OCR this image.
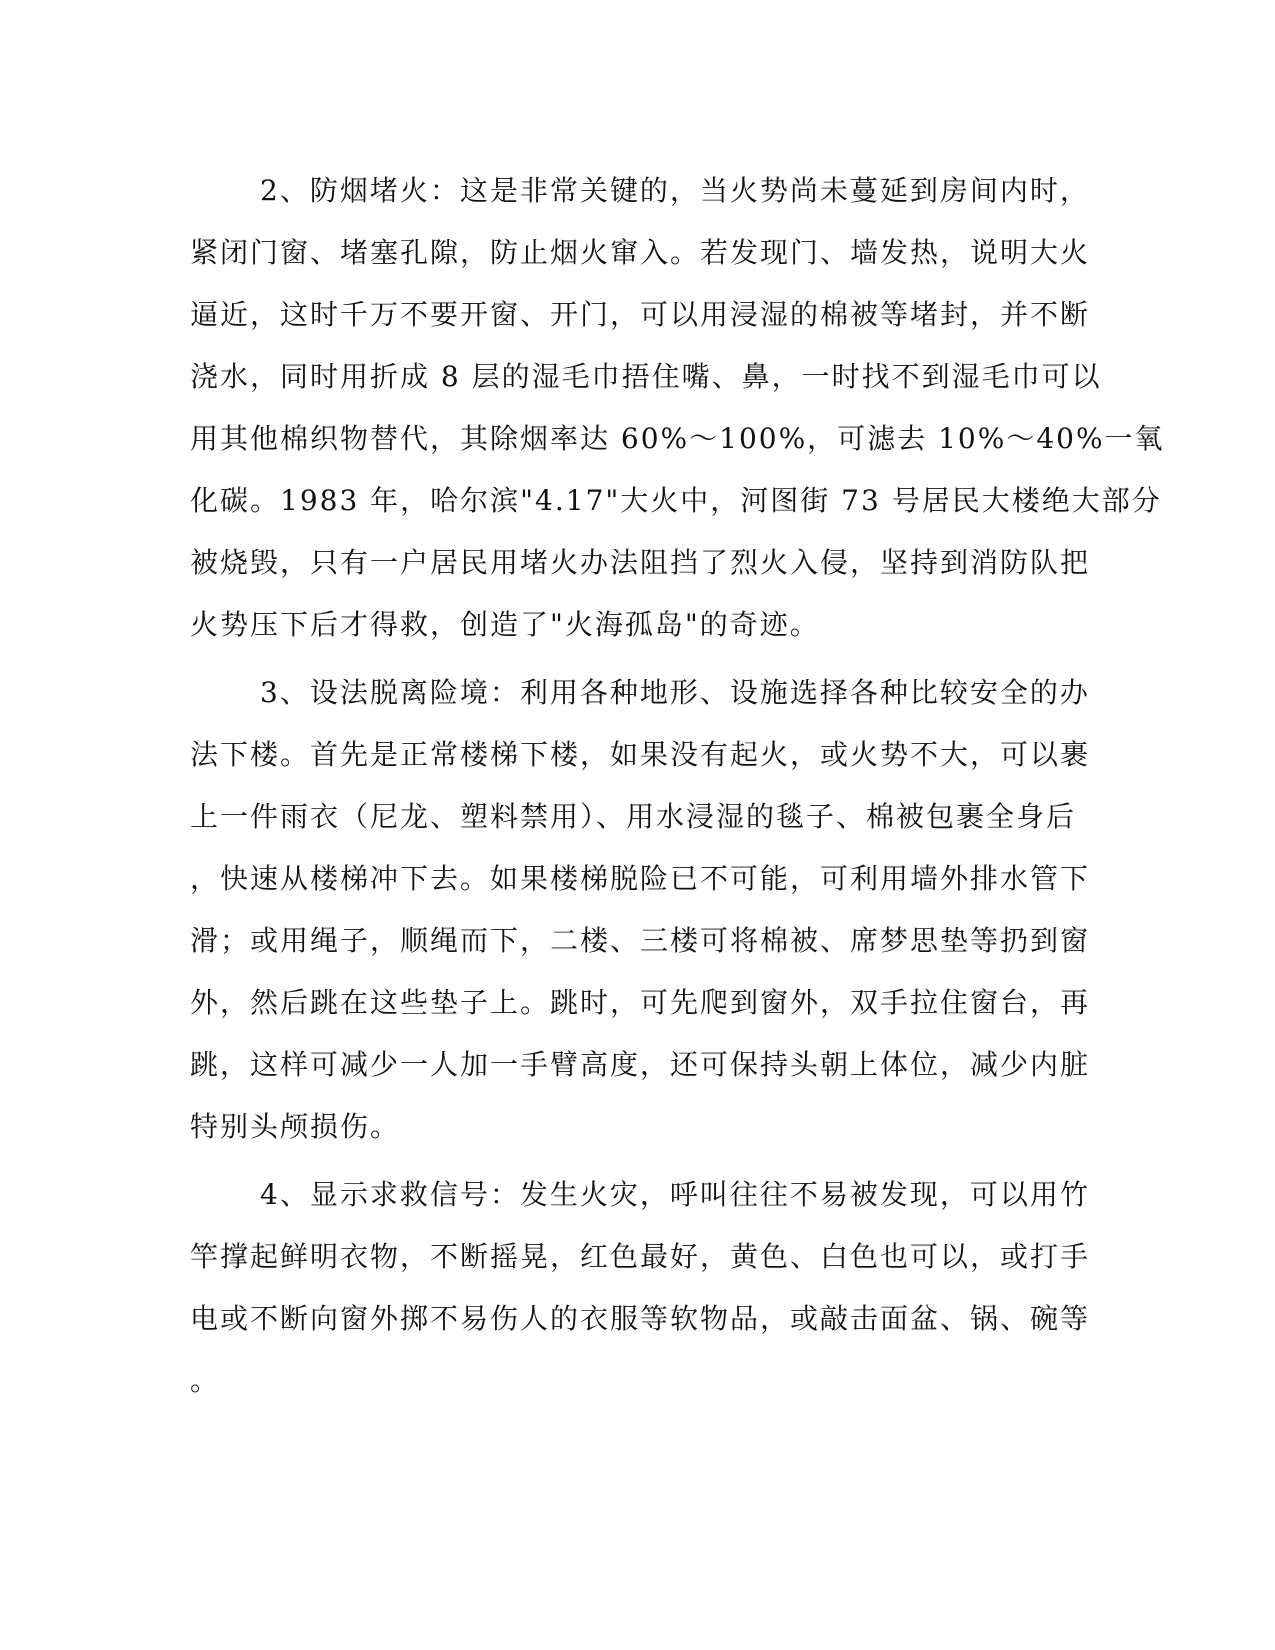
2、防烟堵火：这是非常关键的，当火势尚未蔓延到房间内时，
紧闭门窗、堵塞孔隙，防止烟火窜入。若发现门、墙发热，说明大火
逼近，这时千万不要开窗、开门，可以用浸湿的棉被等堵封，并不断
浇水，同时用折成 8 层的湿毛巾捂住嘴、鼻，一时找不到湿毛巾可以
用其他棉织物替代，其除烟率达 60%～100%，可滤去 10%～40%一氧
化碳。1983 年，哈尔滨"4.17"大火中，河图街 73 号居民大楼绝大部分
被烧毁，只有一户居民用堵火办法阻挡了烈火入侵，坚持到消防队把
火势压下后才得救，创造了"火海孤岛"的奇迹。
3、设法脱离险境：利用各种地形、设施选择各种比较安全的办
法下楼。首先是正常楼梯下楼，如果没有起火，或火势不大，可以裹
上一件雨衣（尼龙、塑料禁用）、用水浸湿的毯子、棉被包裹全身后
，快速从楼梯冲下去。如果楼梯脱险已不可能，可利用墙外排水管下
滑；或用绳子，顺绳而下，二楼、三楼可将棉被、席梦思垫等扔到窗
外，然后跳在这些垫子上。跳时，可先爬到窗外，双手拉住窗台，再
跳，这样可减少一人加一手臂高度，还可保持头朝上体位，减少内脏
特别头颅损伤。
4、显示求救信号：发生火灾，呼叫往往不易被发现，可以用竹
竿撑起鲜明衣物，不断摇晃，红色最好，黄色、白色也可以，或打手
电或不断向窗外掷不易伤人的衣服等软物品，或敲击面盆、锅、碗等
。
